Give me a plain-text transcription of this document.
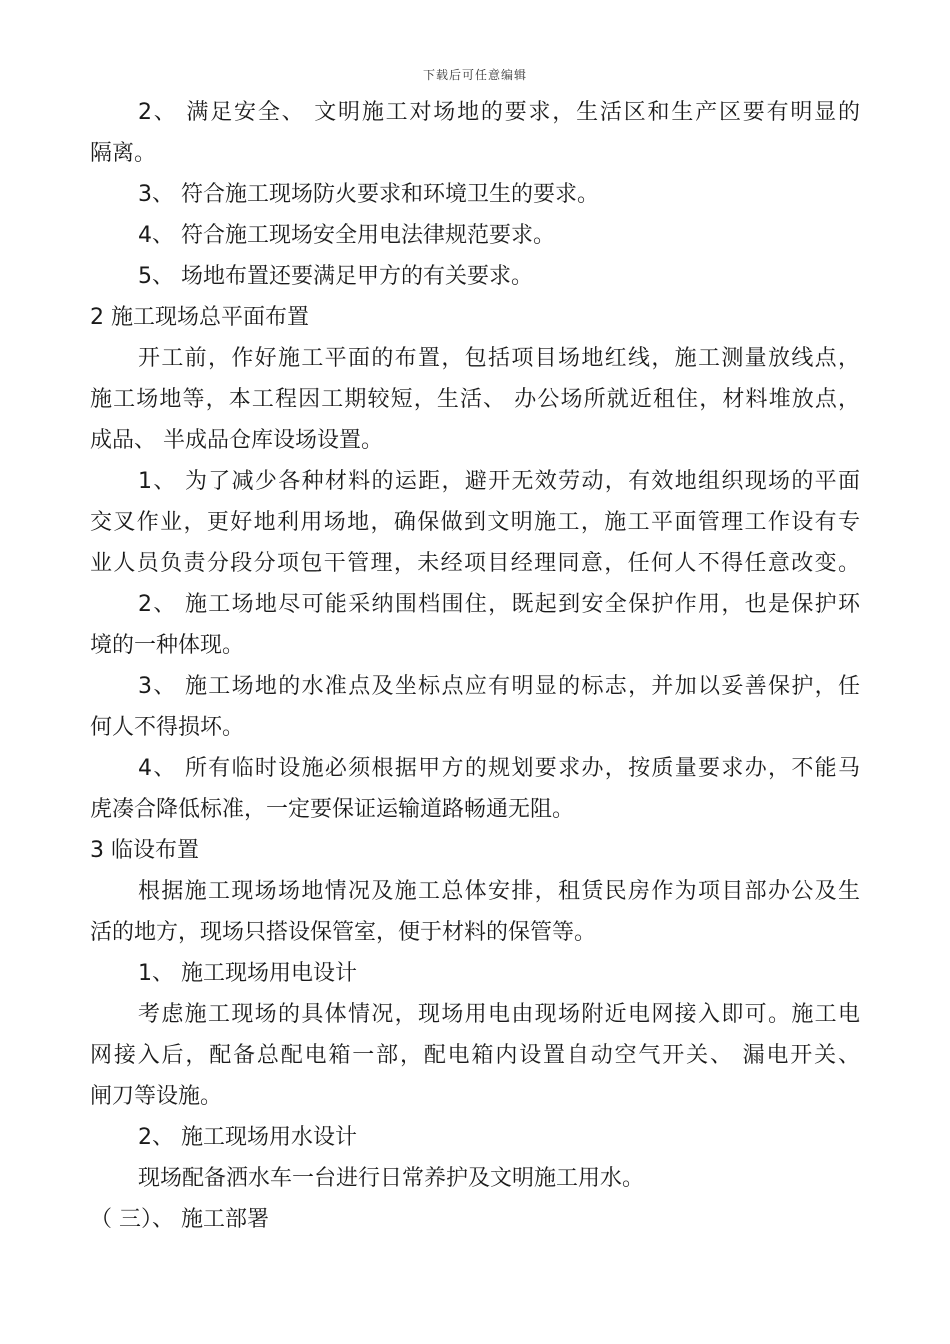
下载后可任意编辑
2、 满足安全、 文明施工对场地的要求，生活区和生产区要有明显的
隔离。
3、 符合施工现场防火要求和环境卫生的要求。
4、 符合施工现场安全用电法律规范要求。
5、 场地布置还要满足甲方的有关要求。
2 施工现场总平面布置
开工前，作好施工平面的布置，包括项目场地红线，施工测量放线点，
施工场地等，本工程因工期较短，生活、 办公场所就近租住，材料堆放点，
成品、 半成品仓库设场设置。
1、 为了减少各种材料的运距，避开无效劳动，有效地组织现场的平面
交叉作业，更好地利用场地，确保做到文明施工，施工平面管理工作设有专
业人员负责分段分项包干管理，未经项目经理同意，任何人不得任意改变。
2、 施工场地尽可能采纳围档围住，既起到安全保护作用，也是保护环
境的一种体现。
3、 施工场地的水准点及坐标点应有明显的标志，并加以妥善保护，任
何人不得损坏。
4、 所有临时设施必须根据甲方的规划要求办，按质量要求办，不能马
虎凑合降低标准，一定要保证运输道路畅通无阻。
3 临设布置
根据施工现场场地情况及施工总体安排，租赁民房作为项目部办公及生
活的地方，现场只搭设保管室，便于材料的保管等。
1、 施工现场用电设计
考虑施工现场的具体情况，现场用电由现场附近电网接入即可。施工电
网接入后，配备总配电箱一部，配电箱内设置自动空气开关、 漏电开关、
闸刀等设施。
2、 施工现场用水设计
现场配备洒水车一台进行日常养护及文明施工用水。
（ 三）、 施工部署
